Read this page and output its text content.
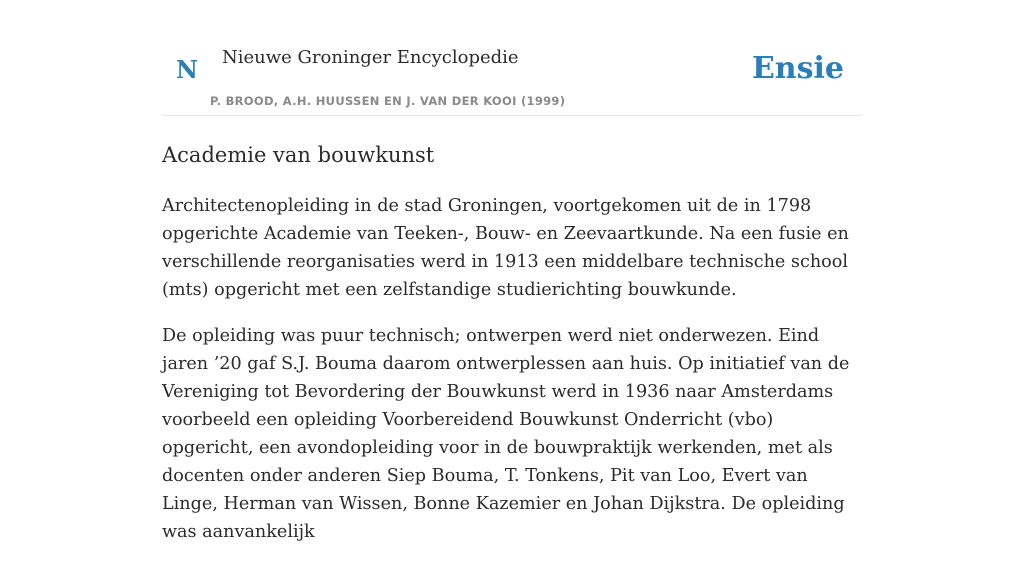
N Nieuwe Groninger Encyclopedie
P. BROOD, A.H. HUUSSEN EN J. VAN DER KOOI (1999)
Ensie
Academie van bouwkunst

Architectenopleiding in de stad Groningen, voortgekomen uit de in 1798 opgerichte Academie van Teeken-, Bouw- en Zeevaartkunde. Na een fusie en verschillende reorganisaties werd in 1913 een middelbare technische school (mts) opgericht met een zelfstandige studierichting bouwkunde.

De opleiding was puur technisch; ontwerpen werd niet onderwezen. Eind jaren ’20 gaf S.J. Bouma daarom ontwerplessen aan huis. Op initiatief van de Vereniging tot Bevordering der Bouwkunst werd in 1936 naar Amsterdams voorbeeld een opleiding Voorbereidend Bouwkunst Onderricht (vbo) opgericht, een avondopleiding voor in de bouwpraktijk werkenden, met als docenten onder anderen Siep Bouma, T. Tonkens, Pit van Loo, Evert van Linge, Herman van Wissen, Bonne Kazemier en Johan Dijkstra. De opleiding was aanvankelijk
